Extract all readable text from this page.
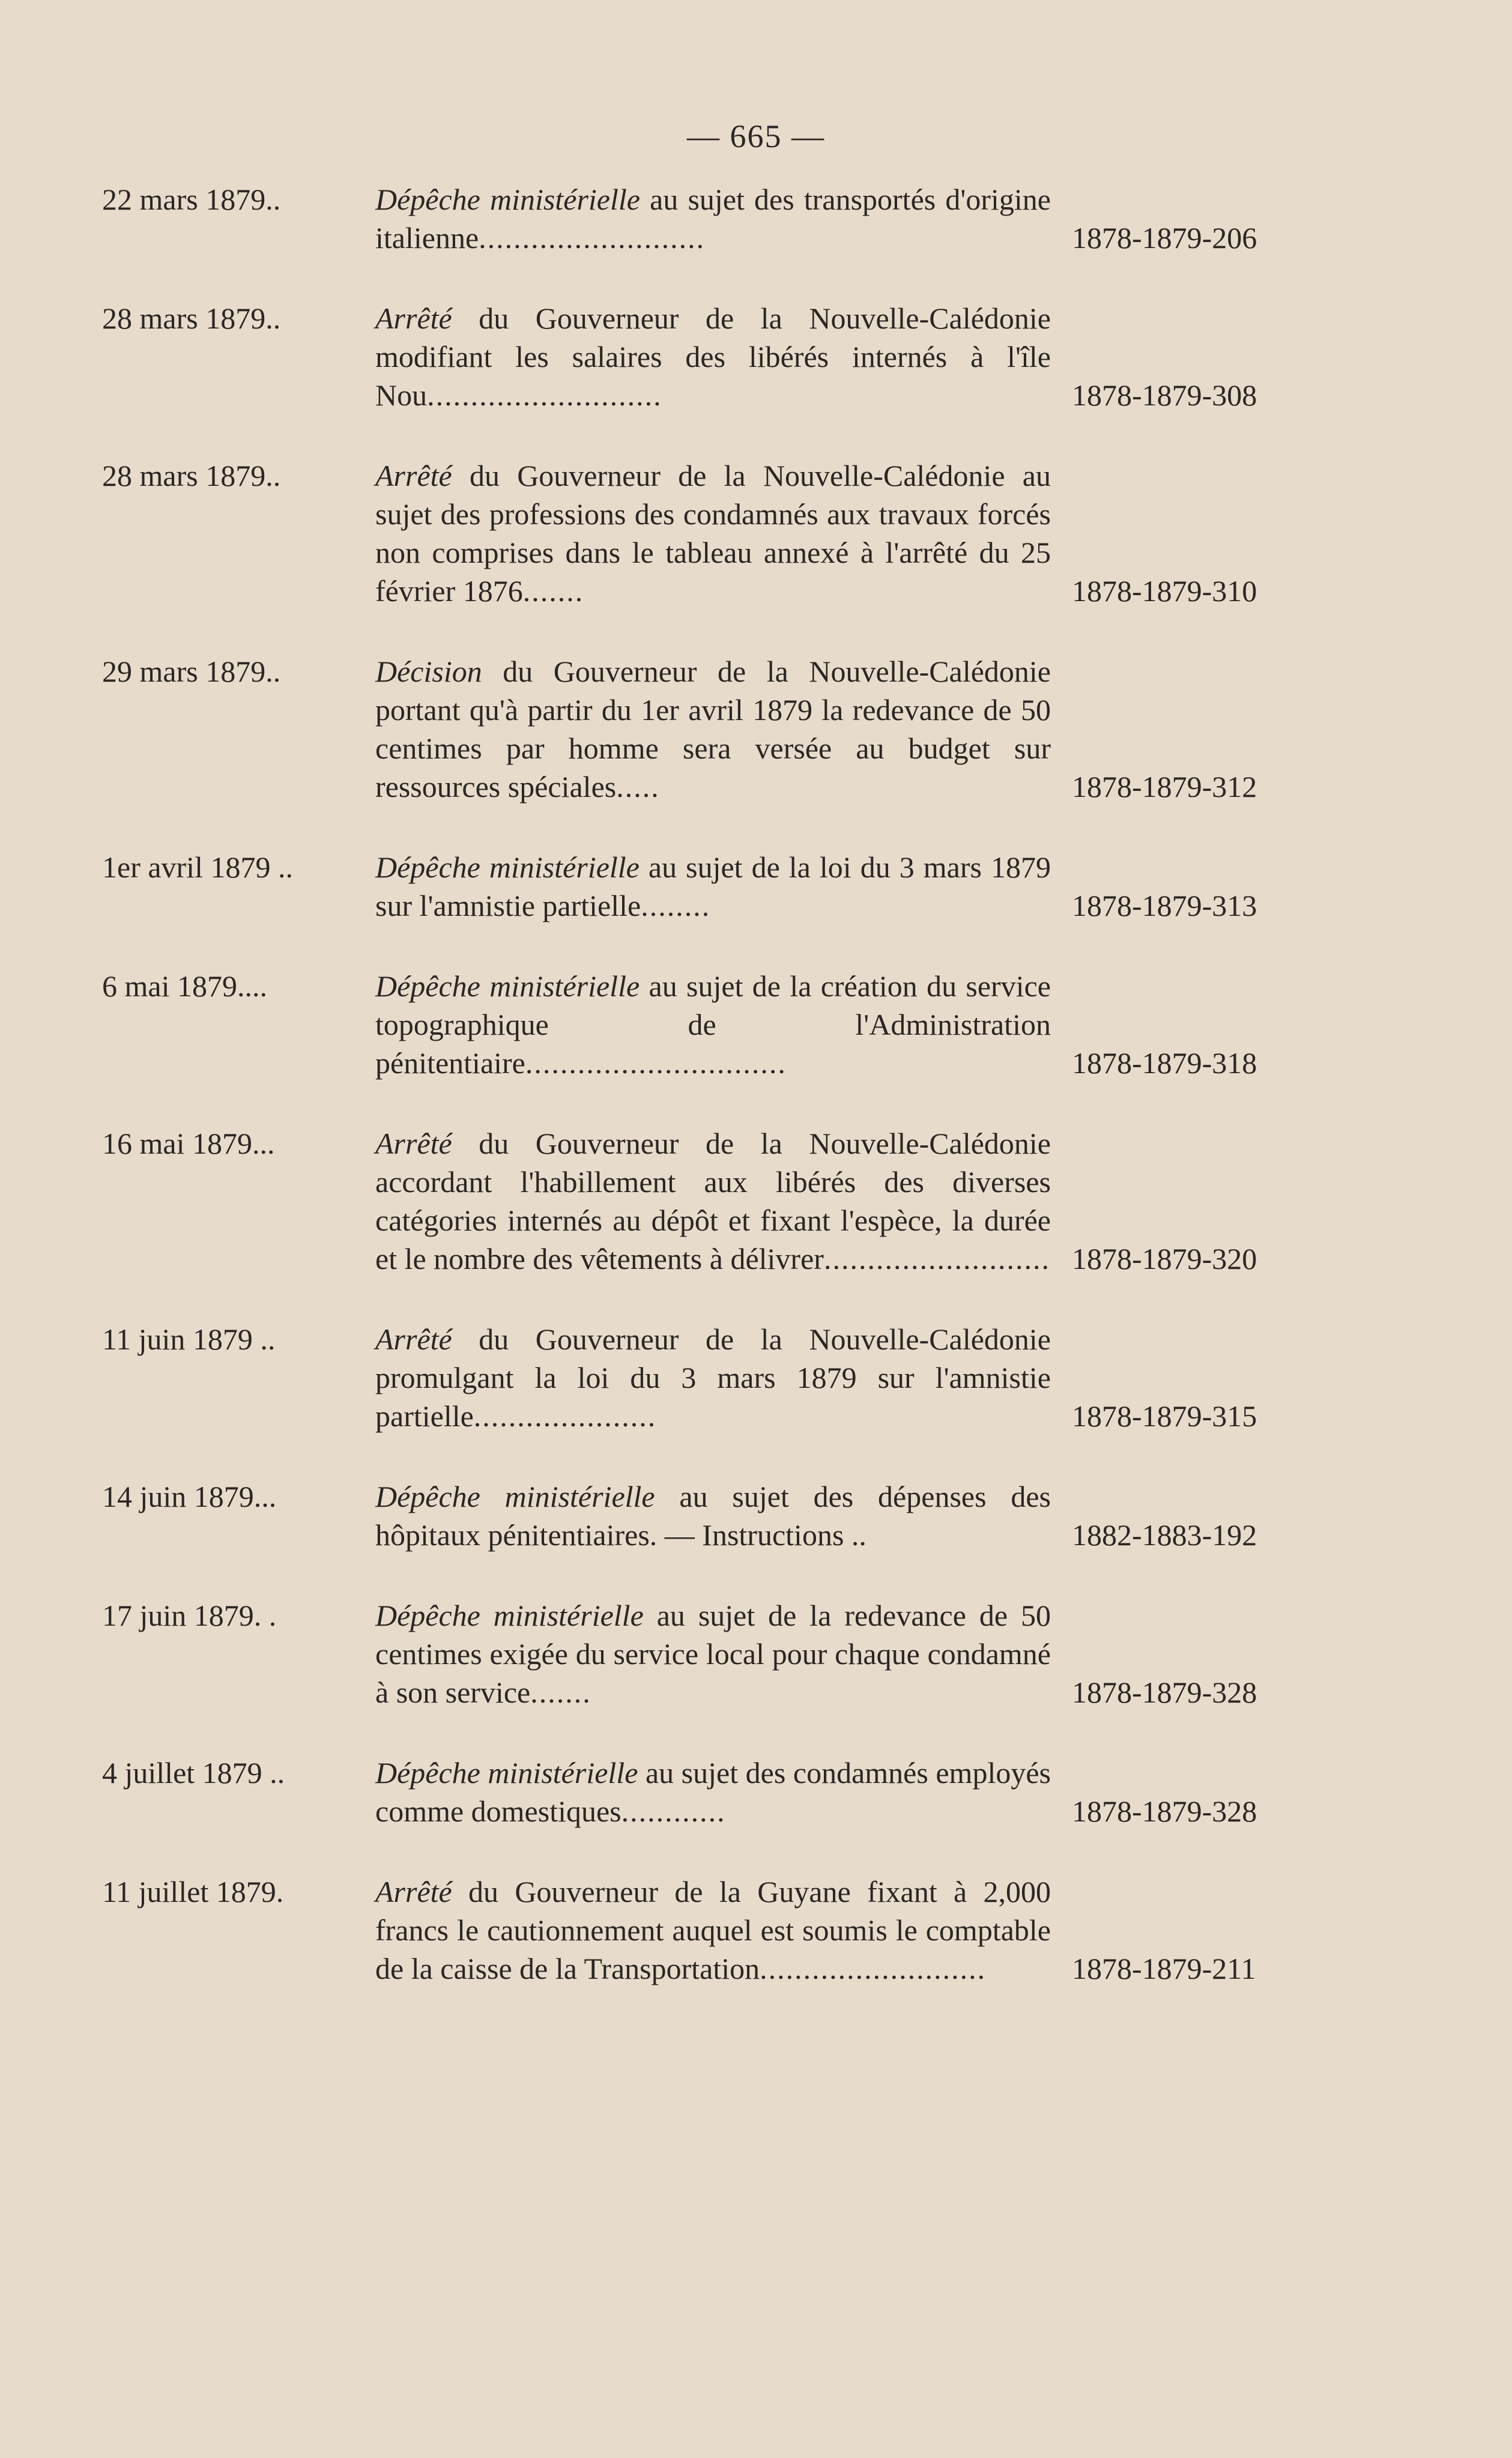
— 665 —
22 mars 1879..	Dépêche ministérielle au sujet des transportés d'origine italienne..........................	1878-1879-206
28 mars 1879..	Arrêté du Gouverneur de la Nouvelle-Calédonie modifiant les salaires des libérés internés à l'île Nou...........................	1878-1879-308
28 mars 1879..	Arrêté du Gouverneur de la Nouvelle-Calédonie au sujet des professions des condamnés aux travaux forcés non comprises dans le tableau annexé à l'arrêté du 25 février 1876.......	1878-1879-310
29 mars 1879..	Décision du Gouverneur de la Nouvelle-Calédonie portant qu'à partir du 1er avril 1879 la redevance de 50 centimes par homme sera versée au budget sur ressources spéciales.....	1878-1879-312
1er avril 1879 ..	Dépêche ministérielle au sujet de la loi du 3 mars 1879 sur l'amnistie partielle........	1878-1879-313
6 mai 1879....	Dépêche ministérielle au sujet de la création du service topographique de l'Administration pénitentiaire..............................	1878-1879-318
16 mai 1879...	Arrêté du Gouverneur de la Nouvelle-Calédonie accordant l'habillement aux libérés des diverses catégories internés au dépôt et fixant l'espèce, la durée et le nombre des vêtements à délivrer.......................... 1878-1879-320
11 juin 1879 ..	Arrêté du Gouverneur de la Nouvelle-Calédonie promulgant la loi du 3 mars 1879 sur l'amnistie partielle.....................	1878-1879-315
14 juin 1879...	Dépêche ministérielle au sujet des dépenses des hôpitaux pénitentiaires. — Instructions ..	1882-1883-192
17 juin 1879. .	Dépêche ministérielle au sujet de la redevance de 50 centimes exigée du service local pour chaque condamné à son service.......	1878-1879-328
4 juillet 1879 ..	Dépêche ministérielle au sujet des condamnés employés comme domestiques............	1878-1879-328
11 juillet 1879.	Arrêté du Gouverneur de la Guyane fixant à 2,000 francs le cautionnement auquel est soumis le comptable de la caisse de la Transportation..........................	1878-1879-211
